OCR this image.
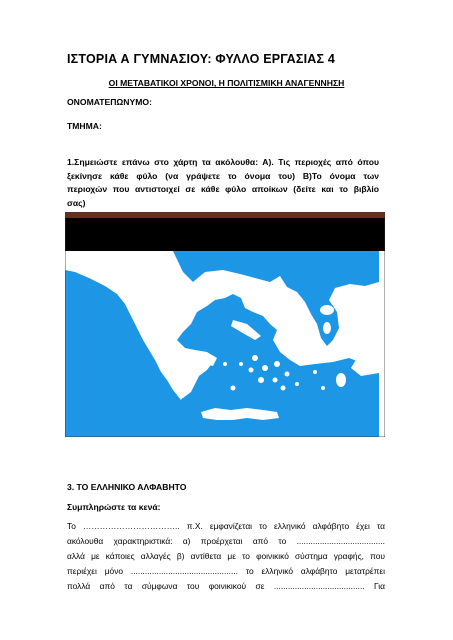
ΙΣΤΟΡΙΑ Α ΓΥΜΝΑΣΙΟΥ: ΦΥΛΛΟ ΕΡΓΑΣΙΑΣ 4
ΟΙ ΜΕΤΑΒΑΤΙΚΟΙ ΧΡΟΝΟΙ, Η ΠΟΛΙΤΙΣΜΙΚΗ ΑΝΑΓΕΝΝΗΣΗ
ΟΝΟΜΑΤΕΠΩΝΥΜΟ:
ΤΜΗΜΑ:
1.Σημειώστε επάνω στο χάρτη τα ακόλουθα: Α). Τις περιοχές από όπου
ξεκίνησε κάθε φύλο (να γράψετε το όνομα του) Β)Το όνομα των
περιοχών που αντιστοιχεί σε κάθε φύλο αποίκων (δείτε και το βιβλίο
σας)
3. ΤΟ ΕΛΛΗΝΙΚΟ ΑΛΦΑΒΗΤΟ
Συμπληρώστε τα κενά:
Το …………………………….. π.Χ. εμφανίζεται το ελληνικό αλφάβητο έχει τα
ακόλουθα χαρακτηριστικά: α) προέρχεται από το ......................................
αλλά με κάποιες αλλαγές β) αντίθετα με το φοινικικό σύστημα γραφής, που
περιέχει μόνο .............................................. το ελληνικό αλφάβητο μετατρέπει
πολλά από τα σύμφωνα του φοινικικού σε ....................................... Για
